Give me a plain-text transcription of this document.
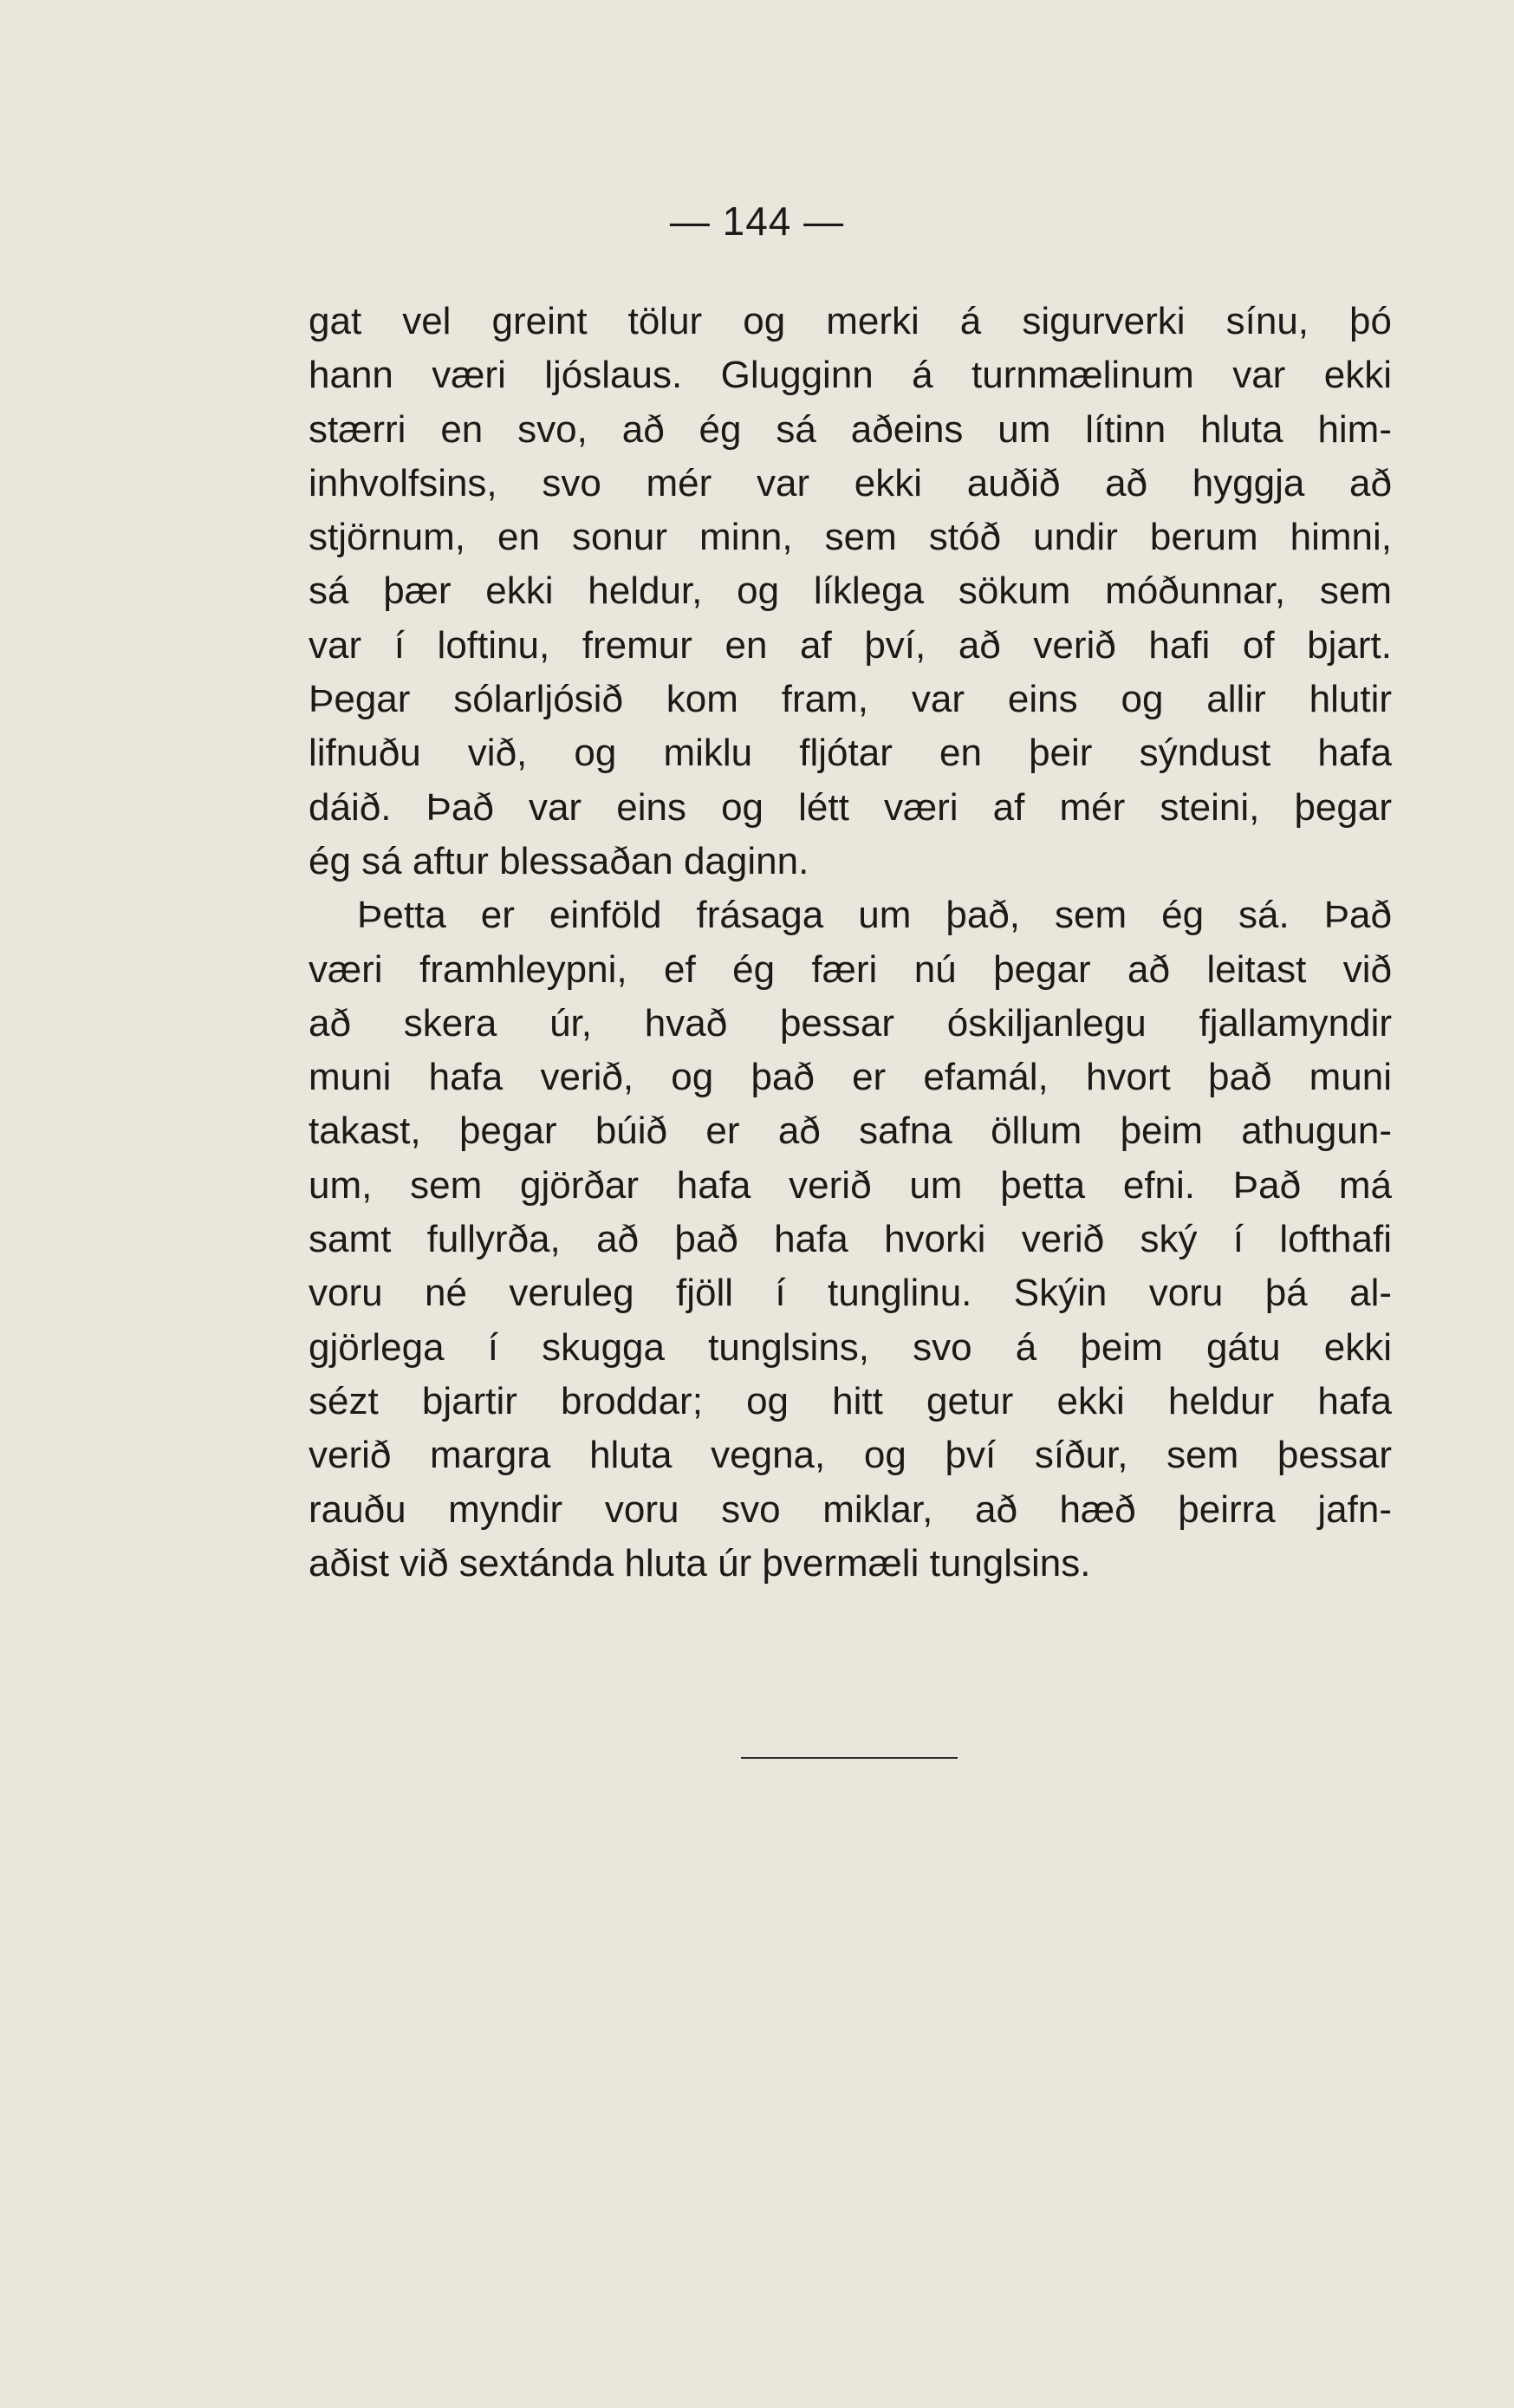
— 144 —
gat vel greint tölur og merki á sigurverki sínu, þó
hann væri ljóslaus. Glugginn á turnmælinum var ekki
stærri en svo, að ég sá aðeins um lítinn hluta him-
inhvolfsins, svo mér var ekki auðið að hyggja að
stjörnum, en sonur minn, sem stóð undir berum himni,
sá þær ekki heldur, og líklega sökum móðunnar, sem
var í loftinu, fremur en af því, að verið hafi of bjart.
Þegar sólarljósið kom fram, var eins og allir hlutir
lifnuðu við, og miklu fljótar en þeir sýndust hafa
dáið. Það var eins og létt væri af mér steini, þegar
ég sá aftur blessaðan daginn.
Þetta er einföld frásaga um það, sem ég sá. Það
væri framhleypni, ef ég færi nú þegar að leitast við
að skera úr, hvað þessar óskiljanlegu fjallamyndir
muni hafa verið, og það er efamál, hvort það muni
takast, þegar búið er að safna öllum þeim athugun-
um, sem gjörðar hafa verið um þetta efni. Það má
samt fullyrða, að það hafa hvorki verið ský í lofthafi
voru né veruleg fjöll í tunglinu. Skýin voru þá al-
gjörlega í skugga tunglsins, svo á þeim gátu ekki
sézt bjartir broddar; og hitt getur ekki heldur hafa
verið margra hluta vegna, og því síður, sem þessar
rauðu myndir voru svo miklar, að hæð þeirra jafn-
aðist við sextánda hluta úr þvermæli tunglsins.
